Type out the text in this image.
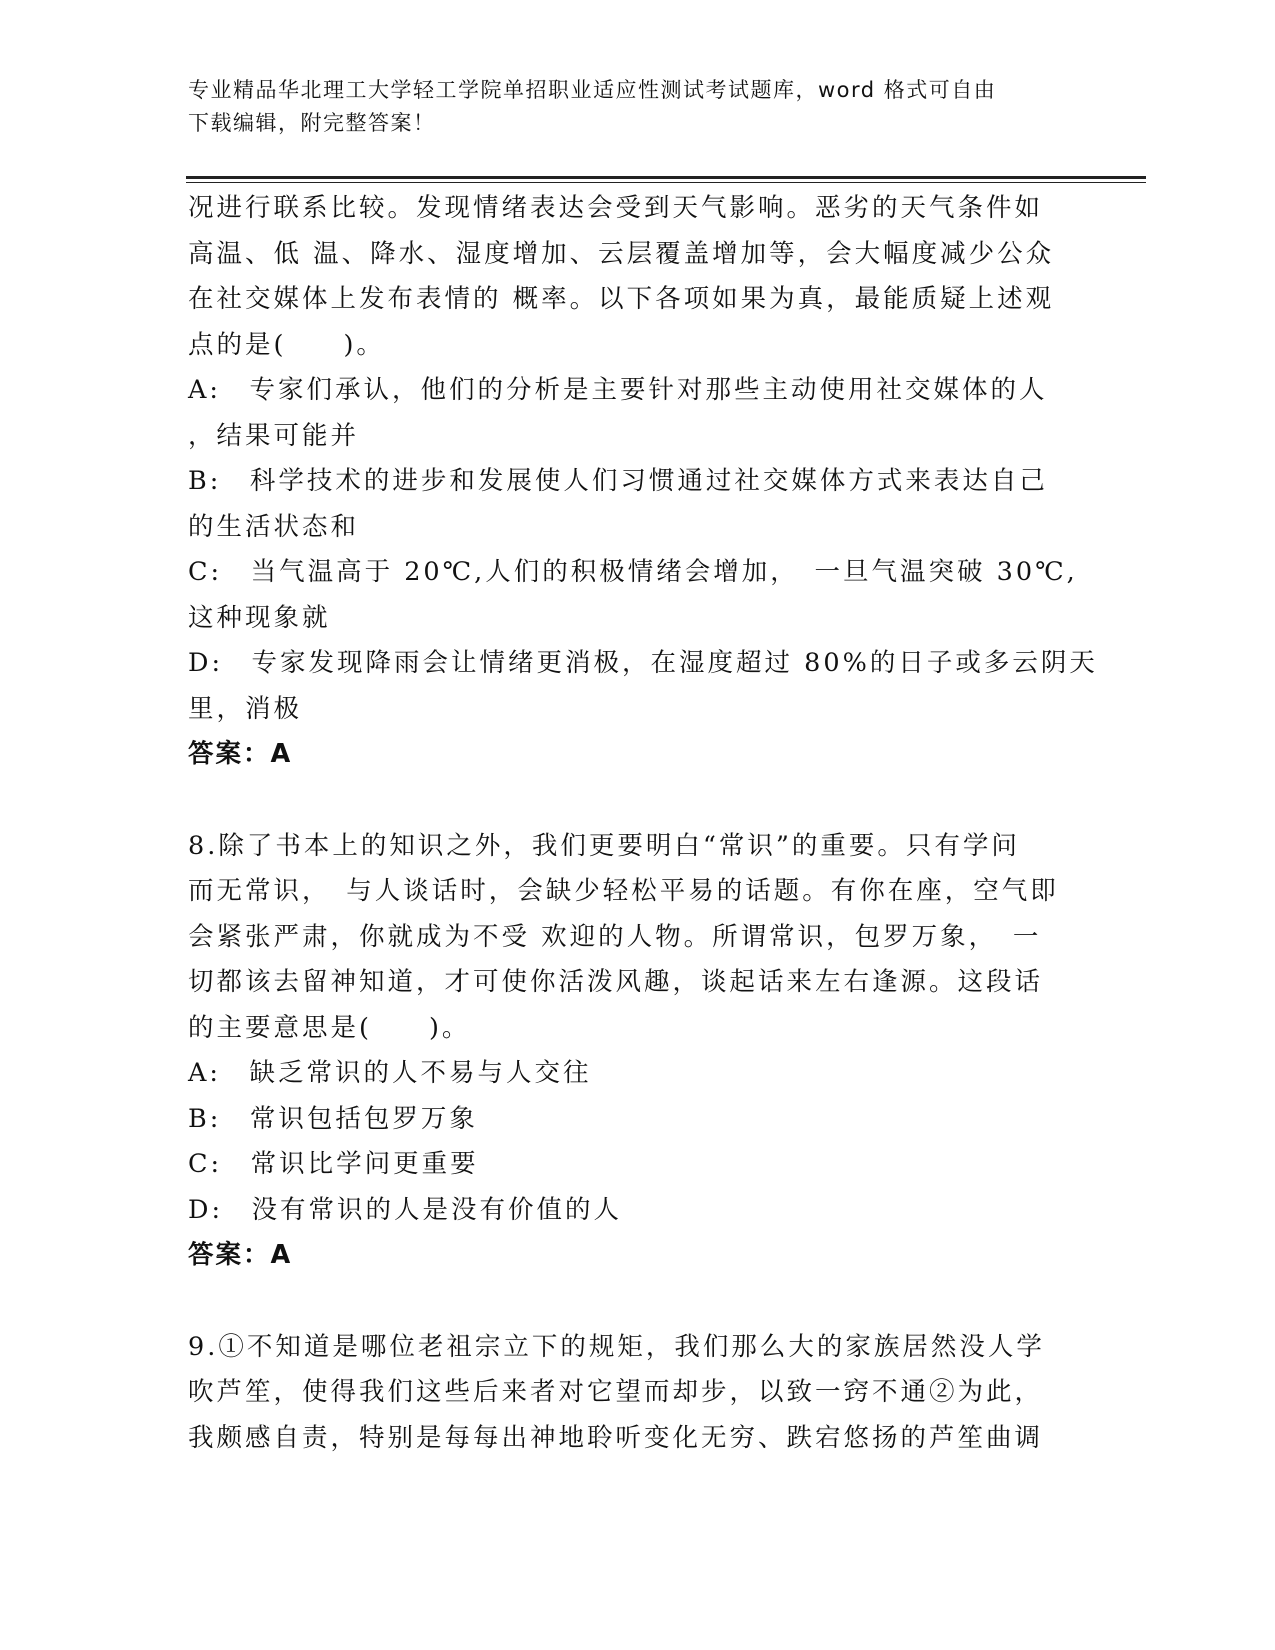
专业精品华北理工大学轻工学院单招职业适应性测试考试题库，word 格式可自由
下载编辑，附完整答案！
况进行联系比较。发现情绪表达会受到天气影响。恶劣的天气条件如
高温、低 温、降水、湿度增加、云层覆盖增加等，会大幅度减少公众
在社交媒体上发布表情的 概率。以下各项如果为真，最能质疑上述观
点的是(　　)。
A:　专家们承认，他们的分析是主要针对那些主动使用社交媒体的人
，结果可能并
B:　科学技术的进步和发展使人们习惯通过社交媒体方式来表达自己
的生活状态和
C:　当气温高于 20℃,人们的积极情绪会增加，　一旦气温突破 30℃,
这种现象就
D:　专家发现降雨会让情绪更消极，在湿度超过 80%的日子或多云阴天
里，消极
答案：A
8.除了书本上的知识之外，我们更要明白“常识”的重要。只有学问
而无常识，　与人谈话时，会缺少轻松平易的话题。有你在座，空气即
会紧张严肃，你就成为不受 欢迎的人物。所谓常识，包罗万象，　一
切都该去留神知道，才可使你活泼风趣，谈起话来左右逢源。这段话
的主要意思是(　　)。
A:　缺乏常识的人不易与人交往
B:　常识包括包罗万象
C:　常识比学问更重要
D:　没有常识的人是没有价值的人
答案：A
9.①不知道是哪位老祖宗立下的规矩，我们那么大的家族居然没人学
吹芦笙，使得我们这些后来者对它望而却步，以致一窍不通②为此，
我颇感自责，特别是每每出神地聆听变化无穷、跌宕悠扬的芦笙曲调
